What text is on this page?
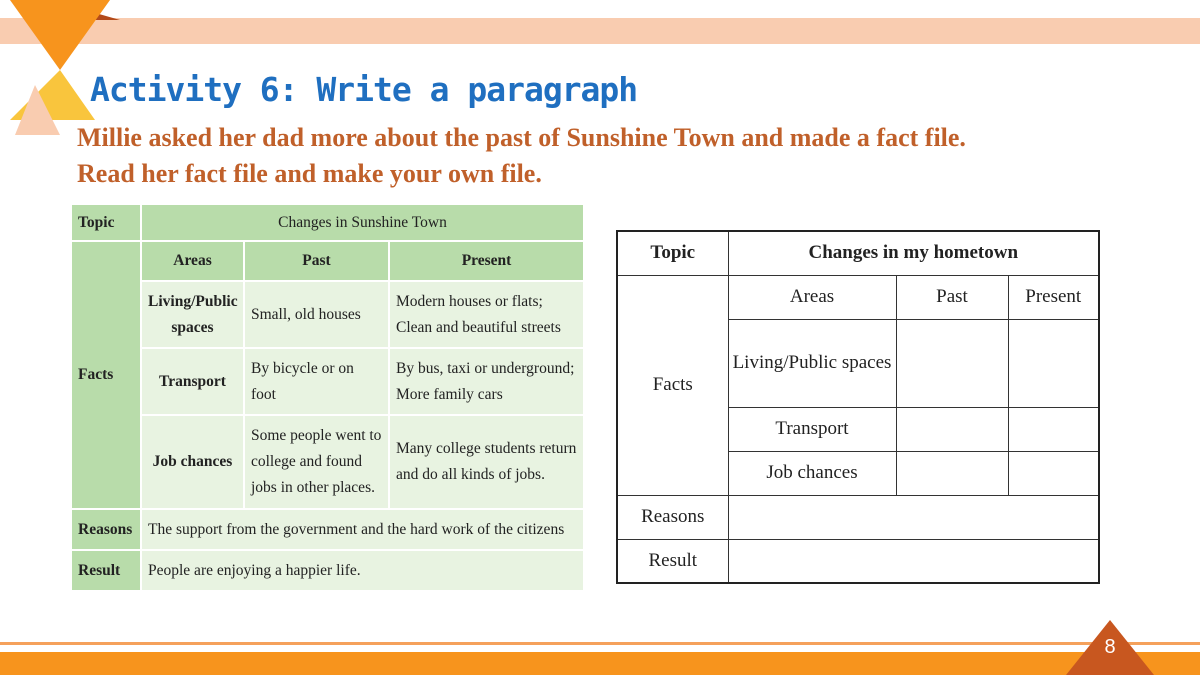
Activity 6: Write a paragraph
Millie asked her dad more about the past of Sunshine Town and made a fact file.
Read her fact file and make your own file.
Topic	Changes in Sunshine Town		
Facts	Areas	Past	Present
	Living/Public spaces	Small, old houses	Modern houses or flats; Clean and beautiful streets
	Transport	By bicycle or on foot	By bus, taxi or underground; More family cars
	Job chances	Some people went to college and found jobs in other places.	Many college students return and do all kinds of jobs.
Reasons	The support from the government and the hard work of the citizens		
Result	People are enjoying a happier life.		
Topic	Changes in my hometown		
Facts	Areas	Past	Present
	Living/Public spaces		
	Transport		
	Job chances		
Reasons			
Result			
8
